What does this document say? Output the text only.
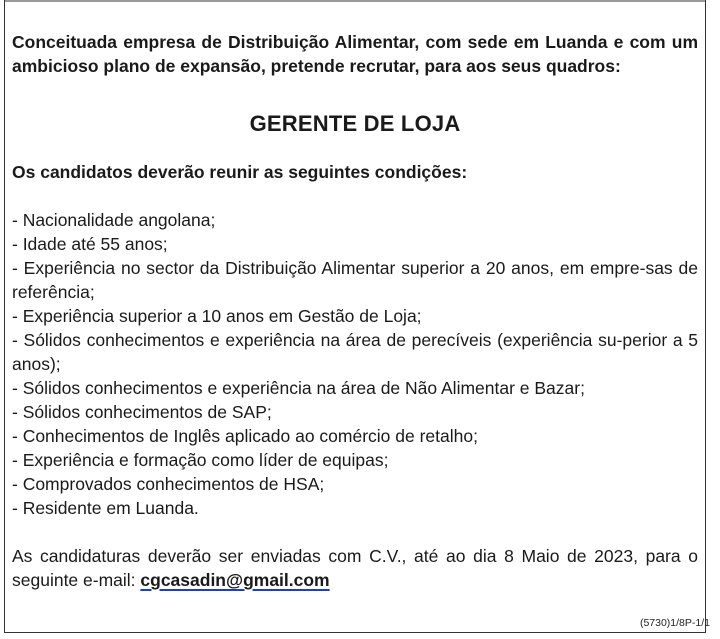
Conceituada empresa de Distribuição Alimentar, com sede em Luanda e com um ambicioso plano de expansão, pretende recrutar, para aos seus quadros:

GERENTE DE LOJA

Os candidatos deverão reunir as seguintes condições:

- Nacionalidade angolana;
- Idade até 55 anos;
- Experiência no sector da Distribuição Alimentar superior a 20 anos, em empre-sas de referência;
- Experiência superior a 10 anos em Gestão de Loja;
- Sólidos conhecimentos e experiência na área de perecíveis (experiência su-perior a 5 anos);
- Sólidos conhecimentos e experiência na área de Não Alimentar e Bazar;
- Sólidos conhecimentos de SAP;
- Conhecimentos de Inglês aplicado ao comércio de retalho;
- Experiência e formação como líder de equipas;
- Comprovados conhecimentos de HSA;
- Residente em Luanda.

As candidaturas deverão ser enviadas com C.V., até ao dia 8 Maio de 2023, para o seguinte e-mail: cgcasadin@gmail.com

(5730)1/8P-1/1
